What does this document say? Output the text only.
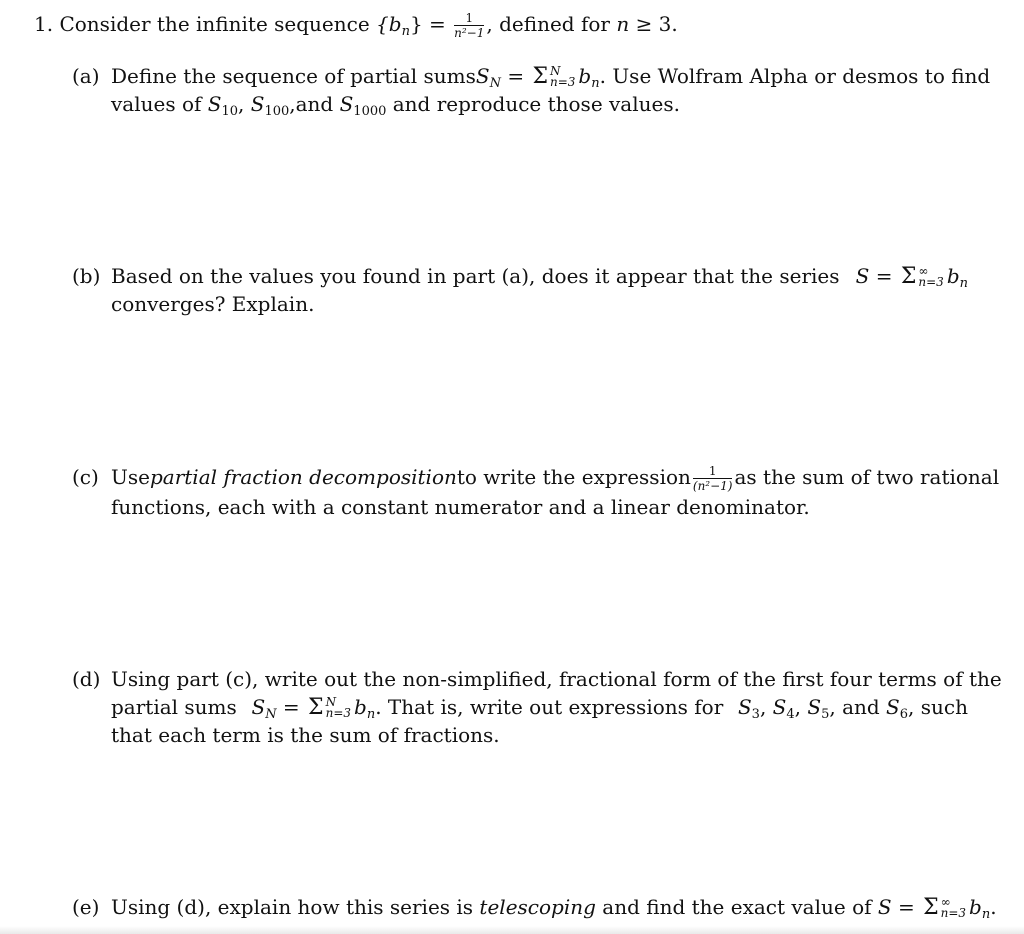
1. Consider the infinite sequence $\{b_n\} = \frac{1}{\text{n²−1}}$ , defined for n ≥ 3.
(a) Define the sequence of partial sums $S_N = \Sigma$ N
n=3 $b_n$. Use Wolfram Alpha or desmos to find
values of $S_{10}$, $S_{100},and$ $S_{1000}$ and reproduce those values.
(b) Based on the values you found in part (a), does it appear that the series S = Σ ∞
n=3 $b_n$
converges? Explain.
(c) Use partial fraction decomposition to write the expression $\frac{1}{\text{(n²−1)}}$ as the sum of two rational
functions, each with a constant numerator and a linear denominator.
(d) Using part (c), write out the non-simplified, fractional form of the first four terms of the
partial sums $S_N = \Sigma$ N
n=3 $b_n$. That is, write out expressions for $S_3$, $S_4$, $S_5$, and $S_6$, such
that each term is the sum of fractions.
(e) Using (d), explain how this series is telescoping and find the exact value of S = Σ ∞
n=3 $b_n$.
